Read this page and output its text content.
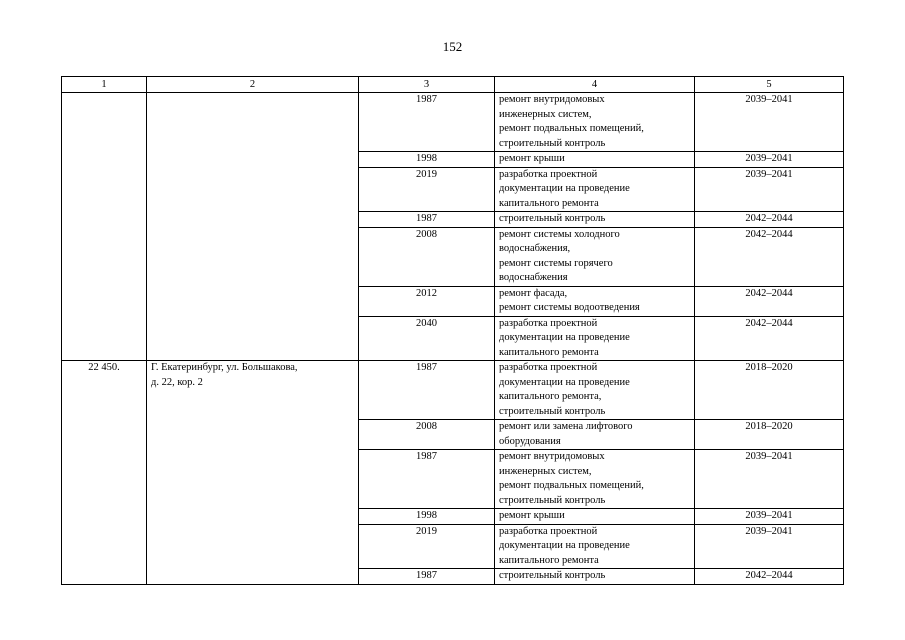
152
1	2	3	4	5
		1987	ремонт внутридомовых
инженерных систем,
ремонт подвальных помещений,
строительный контроль	2039–2041
		1998	ремонт крыши	2039–2041
		2019	разработка проектной
документации на проведение
капитального ремонта	2039–2041
		1987	строительный контроль	2042–2044
		2008	ремонт системы холодного
водоснабжения,
ремонт системы горячего
водоснабжения	2042–2044
		2012	ремонт фасада,
ремонт системы водоотведения	2042–2044
		2040	разработка проектной
документации на проведение
капитального ремонта	2042–2044
22 450.	Г. Екатеринбург, ул. Большакова,
д. 22, кор. 2	1987	разработка проектной
документации на проведение
капитального ремонта,
строительный контроль	2018–2020
		2008	ремонт или замена лифтового
оборудования	2018–2020
		1987	ремонт внутридомовых
инженерных систем,
ремонт подвальных помещений,
строительный контроль	2039–2041
		1998	ремонт крыши	2039–2041
		2019	разработка проектной
документации на проведение
капитального ремонта	2039–2041
		1987	строительный контроль	2042–2044
